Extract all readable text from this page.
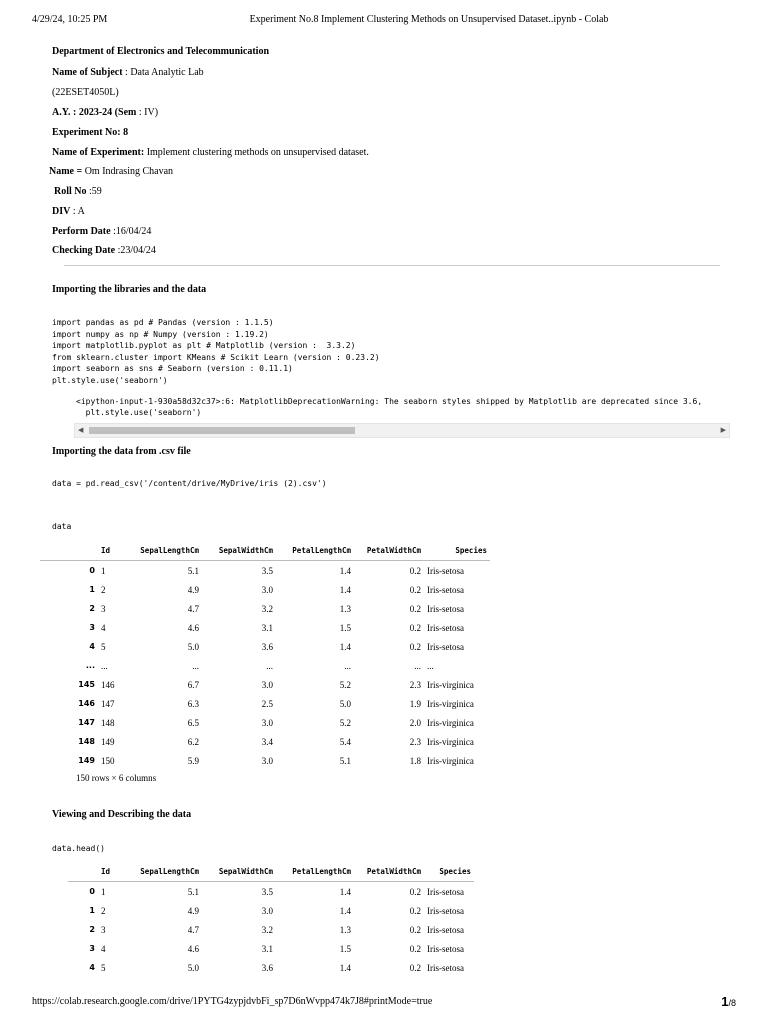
4/29/24, 10:25 PM	Experiment No.8 Implement Clustering Methods on Unsupervised Dataset..ipynb - Colab
Department of Electronics and Telecommunication
Name of Subject : Data Analytic Lab
(22ESET4050L)
A.Y. : 2023-24 (Sem : IV)
Experiment No: 8
Name of Experiment: Implement clustering methods on unsupervised dataset.
Name = Om Indrasing Chavan
Roll No :59
DIV : A
Perform Date :16/04/24
Checking Date :23/04/24
Importing the libraries and the data
import pandas as pd # Pandas (version : 1.1.5)
import numpy as np # Numpy (version : 1.19.2)
import matplotlib.pyplot as plt # Matplotlib (version :  3.3.2)
from sklearn.cluster import KMeans # Scikit Learn (version : 0.23.2)
import seaborn as sns # Seaborn (version : 0.11.1)
plt.style.use('seaborn')
<ipython-input-1-930a58d32c37>:6: MatplotlibDeprecationWarning: The seaborn styles shipped by Matplotlib are deprecated since 3.6,
plt.style.use('seaborn')
◀	▶
Importing the data from .csv file
data = pd.read_csv('/content/drive/MyDrive/iris (2).csv')
data
	Id	SepalLengthCm	SepalWidthCm	PetalLengthCm	PetalWidthCm	Species
0	1	5.1	3.5	1.4	0.2	Iris-setosa
1	2	4.9	3.0	1.4	0.2	Iris-setosa
2	3	4.7	3.2	1.3	0.2	Iris-setosa
3	4	4.6	3.1	1.5	0.2	Iris-setosa
4	5	5.0	3.6	1.4	0.2	Iris-setosa
...	...	...	...	...	...	...
145	146	6.7	3.0	5.2	2.3	Iris-virginica
146	147	6.3	2.5	5.0	1.9	Iris-virginica
147	148	6.5	3.0	5.2	2.0	Iris-virginica
148	149	6.2	3.4	5.4	2.3	Iris-virginica
149	150	5.9	3.0	5.1	1.8	Iris-virginica
150 rows × 6 columns
Viewing and Describing the data
data.head()
	Id	SepalLengthCm	SepalWidthCm	PetalLengthCm	PetalWidthCm	Species
0	1	5.1	3.5	1.4	0.2	Iris-setosa
1	2	4.9	3.0	1.4	0.2	Iris-setosa
2	3	4.7	3.2	1.3	0.2	Iris-setosa
3	4	4.6	3.1	1.5	0.2	Iris-setosa
4	5	5.0	3.6	1.4	0.2	Iris-setosa
https://colab.research.google.com/drive/1PYTG4zypjdvbFi_sp7D6nWvpp474k7J8#printMode=true	1/8
